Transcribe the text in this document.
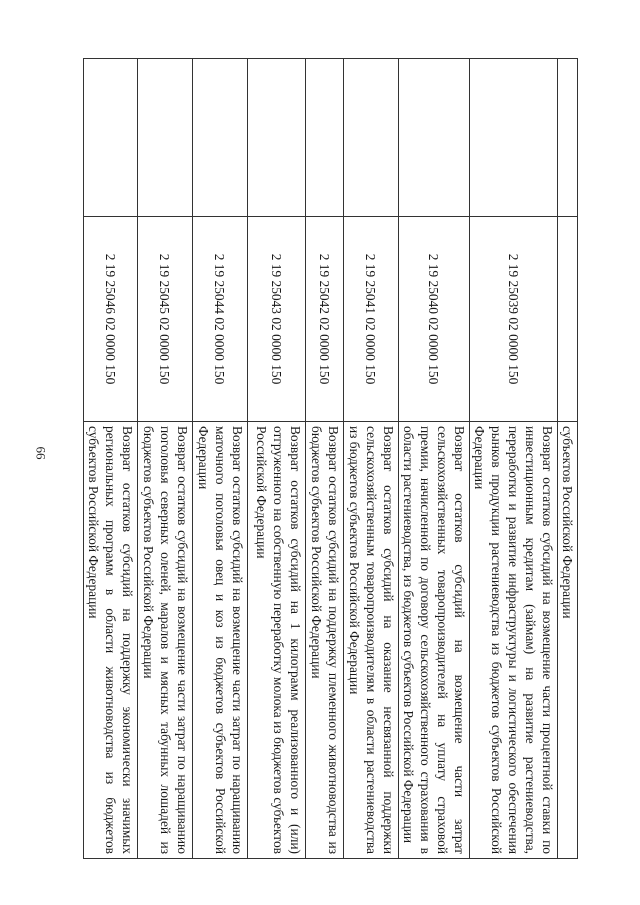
66
			субъектов Российской Федерации
	2 19 25039 02 0000 150	Возврат остатков субсидий на возмещение части процентной ставки по инвестиционным кредитам (займам) на развитие растениеводства, переработки и развитие инфраструктуры и логистического обеспечения рынков продукции растениеводства из бюджетов субъектов Российской Федерации
	2 19 25040 02 0000 150	Возврат остатков субсидий на возмещение части затрат сельскохозяйственных товаропроизводителей на уплату страховой премии, начисленной по договору сельскохозяйственного страхования в области растениеводства, из бюджетов субъектов Российской Федерации
	2 19 25041 02 0000 150	Возврат остатков субсидий на оказание несвязанной поддержки сельскохозяйственным товаропроизводителям в области растениеводства из бюджетов субъектов Российской Федерации
	2 19 25042 02 0000 150	Возврат остатков субсидий на поддержку племенного животноводства из бюджетов субъектов Российской Федерации
	2 19 25043 02 0000 150	Возврат остатков субсидий на 1 килограмм реализованного и (или) отгруженного на собственную переработку молока из бюджетов субъектов Российской Федерации
	2 19 25044 02 0000 150	Возврат остатков субсидий на возмещение части затрат по наращиванию маточного поголовья овец и коз из бюджетов субъектов Российской Федерации
	2 19 25045 02 0000 150	Возврат остатков субсидий на возмещение части затрат по наращиванию поголовья северных оленей, маралов и мясных табунных лошадей из бюджетов субъектов Российской Федерации
	2 19 25046 02 0000 150	Возврат остатков субсидий на поддержку экономически значимых региональных программ в области животноводства из бюджетов субъектов Российской Федерации
